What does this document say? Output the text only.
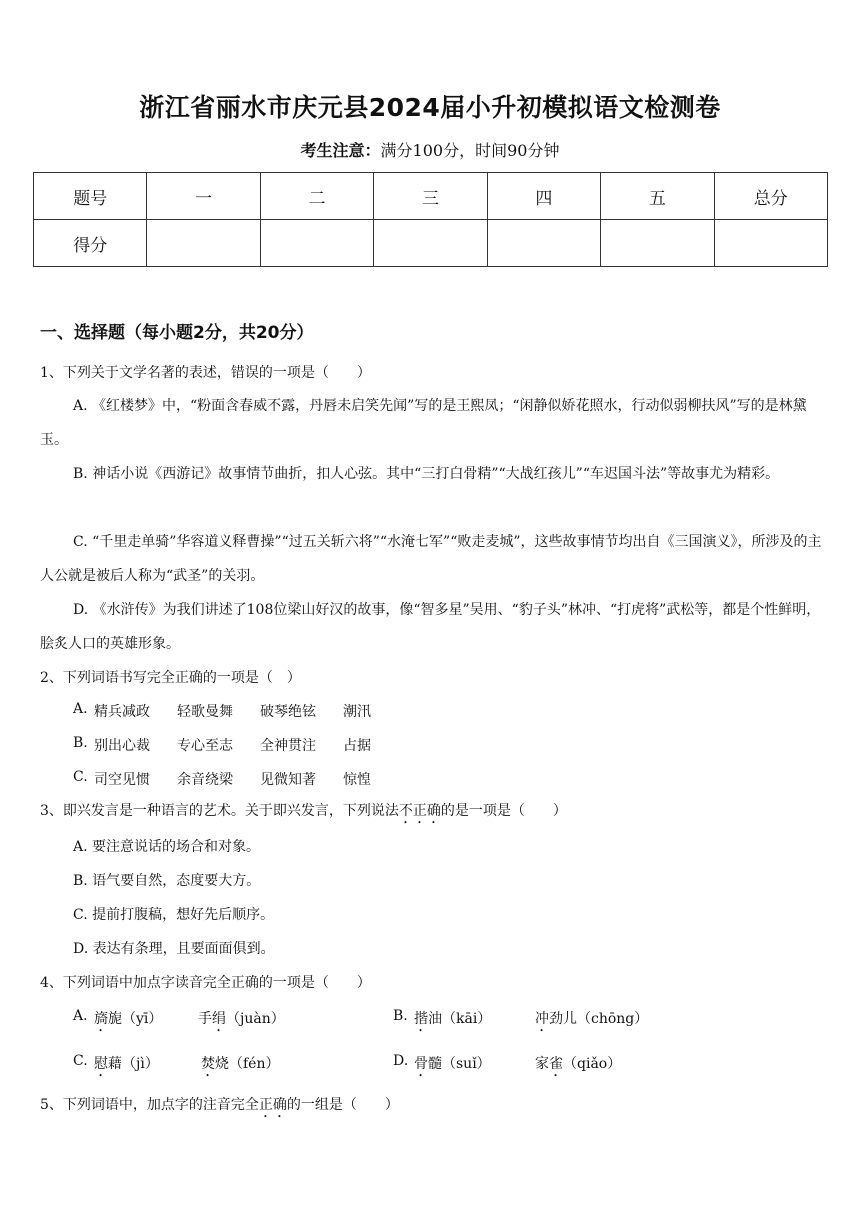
浙江省丽水市庆元县2024届小升初模拟语文检测卷
考生注意：满分100分，时间90分钟
题号	一	二	三	四	五	总分
得分						
一、选择题（每小题2分，共20分）
1、下列关于文学名著的表述，错误的一项是（　　）
A. 《红楼梦》中，“粉面含春威不露，丹唇未启笑先闻”写的是王熙凤；“闲静似娇花照水，行动似弱柳扶风”写的是林黛玉。
B. 神话小说《西游记》故事情节曲折，扣人心弦。其中“三打白骨精”“大战红孩儿”“车迟国斗法”等故事尤为精彩。
C. “千里走单骑”华容道义释曹操”“过五关斩六将”“水淹七军”“败走麦城”，这些故事情节均出自《三国演义》，所涉及的主人公就是被后人称为“武圣”的关羽。
D. 《水浒传》为我们讲述了108位梁山好汉的故事，像“智多星”吴用、“豹子头”林冲、“打虎将”武松等，都是个性鲜明，脍炙人口的英雄形象。
2、下列词语书写完全正确的一项是（　）
A. 精兵减政 轻歌曼舞 破琴绝铉 潮汛
B. 别出心裁 专心至志 全神贯注 占据
C. 司空见惯 余音绕梁 见微知著 惊惶
3、即兴发言是一种语言的艺术。关于即兴发言，下列说法不正确的是一项是（　　）
A. 要注意说话的场合和对象。
B. 语气要自然，态度要大方。
C. 提前打腹稿，想好先后顺序。
D. 表达有条理，且要面面俱到。
4、下列词语中加点字读音完全正确的一项是（　　）
A. 旖旎（yī）	手绢（juàn）	B. 揩油（kāi）	冲劲儿（chōng）
C. 慰藉（jì）	焚烧（fén）	D. 骨髓（suǐ）	家雀（qiǎo）
5、下列词语中，加点字的注音完全正确的一组是（　　）
